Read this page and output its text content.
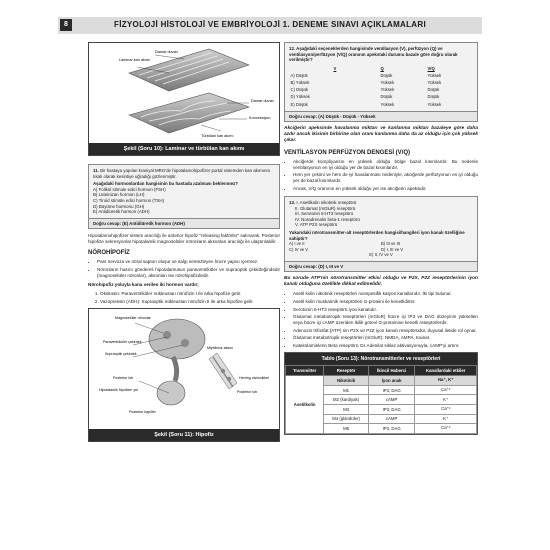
8	FİZYOLOJİ HİSTOLOJİ VE EMBRİYOLOJİ 1. DENEME SINAVI AÇIKLAMALARI
Damar duvarı
Laminar kan akımı
Damar duvarı
Konveksiyon
Türbülan kan akımı
Şekil (Soru 10): Laminar ve türbülan kan akımı
11. Bir hastaya yapılan kraniyal MRG'de hipotalamohipofizer portal sistemden kan akımının tıkalı olarak kesintiye uğradığı gözlenmiştir.
Aşağıdaki hormonlardan hangisinin bu hastada azalması beklenmez?
A) Folikül stimule edici hormon (FSH)
B) Lüteinizan hormon (LH)
C) Tiroid stimüle edici hormon (TSH)
D) Büyüme hormonu (GH)
E) Antidiüretik hormon (ADH)
Doğru cevap: (E) Antidiüretik hormon (ADH)

Hipotalamohipofizer sistem aracılığı ile anterior hipofiz "releasing faktörler" salınarak. Posterior hipofize sekresyonlar hipotalamik magnoselüler nöronların aksonları aracılığı ile ulaştırılabilir.

NÖROHİPOFİZ
• Pars nervoza ve nöral sapton oluşur ve salgı sentezleyen hücre yapısı içermez.
• Nöronların hasını göndereli hipotalamusun paraventriküler ve supraoptik çekirdeğindedir (magnoselüler nöronlar), aksonları ise nörohipofizdedir.

Nörohipofiz yoluyla kana verilen iki hormon vardır;

1. Oksitosin: Paraventriküler nükleustan nörofizin I ile arka hipofize gelir.
2. Vazopressin (ADH): Supraoptik nükleustan nörofizin II ile arka hipofize gelir.
Magnoselüler nöronlar
Paraventriküler çekirdek
Supraoptik çekirdek
Posterior lob
Hipotalamik hipofizer yol
Posterior kapiller
Miyelinsiz akson
Herring cisimcikleri
Posterior lob
Şekil (Soru 11): Hipofiz
12. Aşağıdaki seçeneklerden hangisinde ventilasyon (V), perfüzyon (Q) ve ventilasyon/perfüzyon (V/Q) oranının apekstaki durumu bazale göre doğru olarak verilmiştir?
	V	Q	V/Q
A) Düşük		Düşük	Yüksek
B) Yüksek		Yüksek	Yüksek
C) Düşük		Yüksek	Düşük
D) Yüksek		Düşük	Düşük
E) Düşük		Yüksek	Yüksek
Doğru cevap: (A) Düşük - Düşük - Yüksek

Akciğerin apeksinde havalanma miktarı ve kanlanma miktarı bazaleye göre daha azdır ancak ikisinin birbirine olan oranı kanlanma daha da az olduğu için çok yüksek çıkar.

VENTİLASYON PERFÜZYON DENGESİ (V/Q)
• Akciğerde kompliyansın en yüksek olduğu bölge bazal kısımlardır. Bu nedenle ventilasyonun en iyi olduğu yer de bazal kısımlardır.
• Hem yer çekimi ve hem de iyi havalanması nedeniyle, akciğerde perfüzyonun en iyi olduğu yer de bazal kısımlardır.
• Ancak, V/Q oranının en yüksek olduğu yer ise akciğerin apeksidir.
13. I. Asetilkolin nikotinik reseptörü
II. Glutamat (mGluR) reseptörü
III. Serotonin 5-HT3 reseptörü
IV. Noradrenalin beta-1 reseptörü
V. ATP P2X reseptörü
Yukarıdaki nörotransmitter-alt reseptörlerden hangisi/hangileri iyon kanalı özelliğine sahiptir?
A) I ve II	B) III ve III
C) IV ve V	D) I, III ve V
E) II, IV ve V
Doğru cevap: (D) I, III ve V

Bu sorude ATP'nin nörotransmitter etkisi olduğu ve P2X, P2Z reseptörlerinin iyon kanalı olduğuna özellikle dikkat edilmelidir.

• Asetil kolin nikotinik reseptörleri nonspesifik katyon kanallarıdır. İki tipi bulunur.
• Asetil kolin muskarinik reseptörleri G-proteini ile kenetlidirler.
• Serotonin 5-HT3 reseptörü iyon kanalıdır.
• Glutamat metabotropik reseptörleri (mGluR) hücre içi IP3 ve DAG düzeyinin yükselten veya hücre içi cAMP üzeriden ikilik görevi G-proteinine kenetli reseptörlerdir.
• Adenozin trifosfat (ATP) nin P2X ve P2Z iyon kanalı reseptörüdür, duyusal iletide rol oynar.
• Glutamat metabotropik reseptörleri (mGluR): NMDA, AMPA, Kainat
• Katekolaminlerin Beta reseptörü Gs Adenilat siklaz aktivasyonuyla, cAMP'yi artırır.
Tablo (Soru 13): Nörotransmitterler ve reseptörleri
Transmitter	Reseptör	İkincil Haberci	Kanallardaki etkiler
Asetilkolin	Nikotinik	İyon anak	Na⁺, K⁺
	M1	IP3, DAG	Ca⁺²
	M2 (kardiyak)	cAMP	K⁺
	M3	IP3, DAG	Ca⁺²
	M4 (glandüler)	cAMP	K⁺
	M5	IP3, DAG	Ca⁺²
